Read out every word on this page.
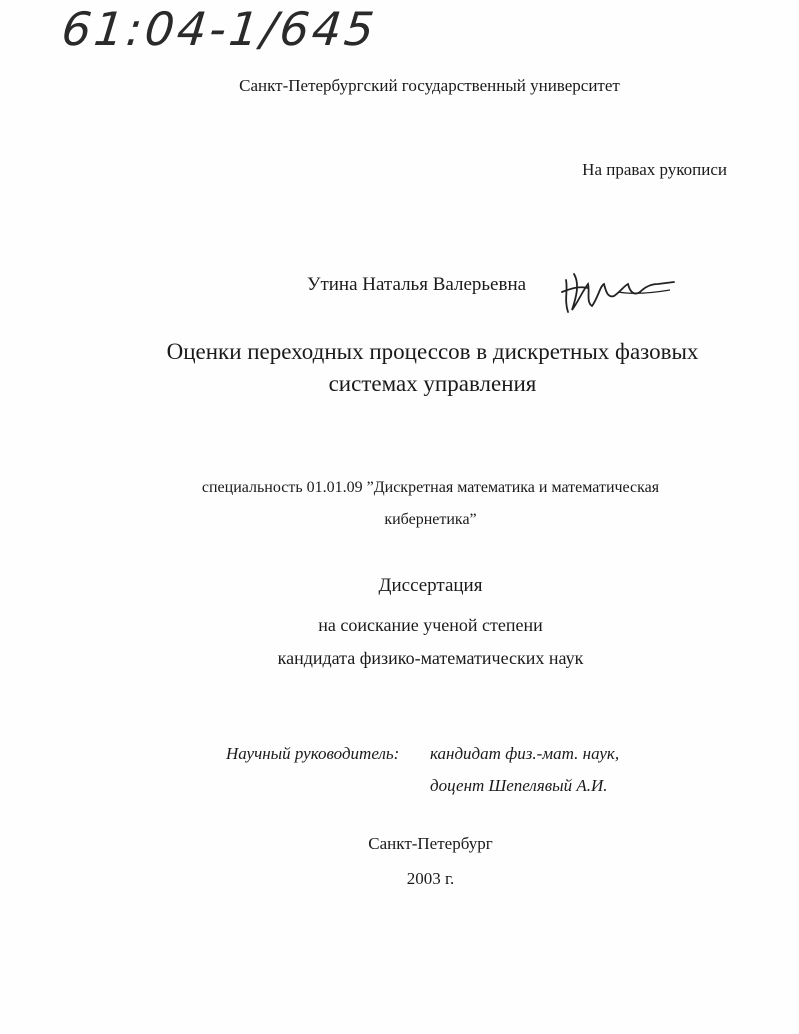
61:04-1/645
Санкт-Петербургский государственный университет
На правах рукописи
Утина Наталья Валерьевна
Оценки переходных процессов в дискретных фазовых
системах управления
специальность 01.01.09 ”Дискретная математика и математическая
кибернетика”
Диссертация
на соискание ученой степени
кандидата физико-математических наук
Научный руководитель: кандидат физ.-мат. наук,
доцент Шепелявый А.И.
Санкт-Петербург
2003 г.
